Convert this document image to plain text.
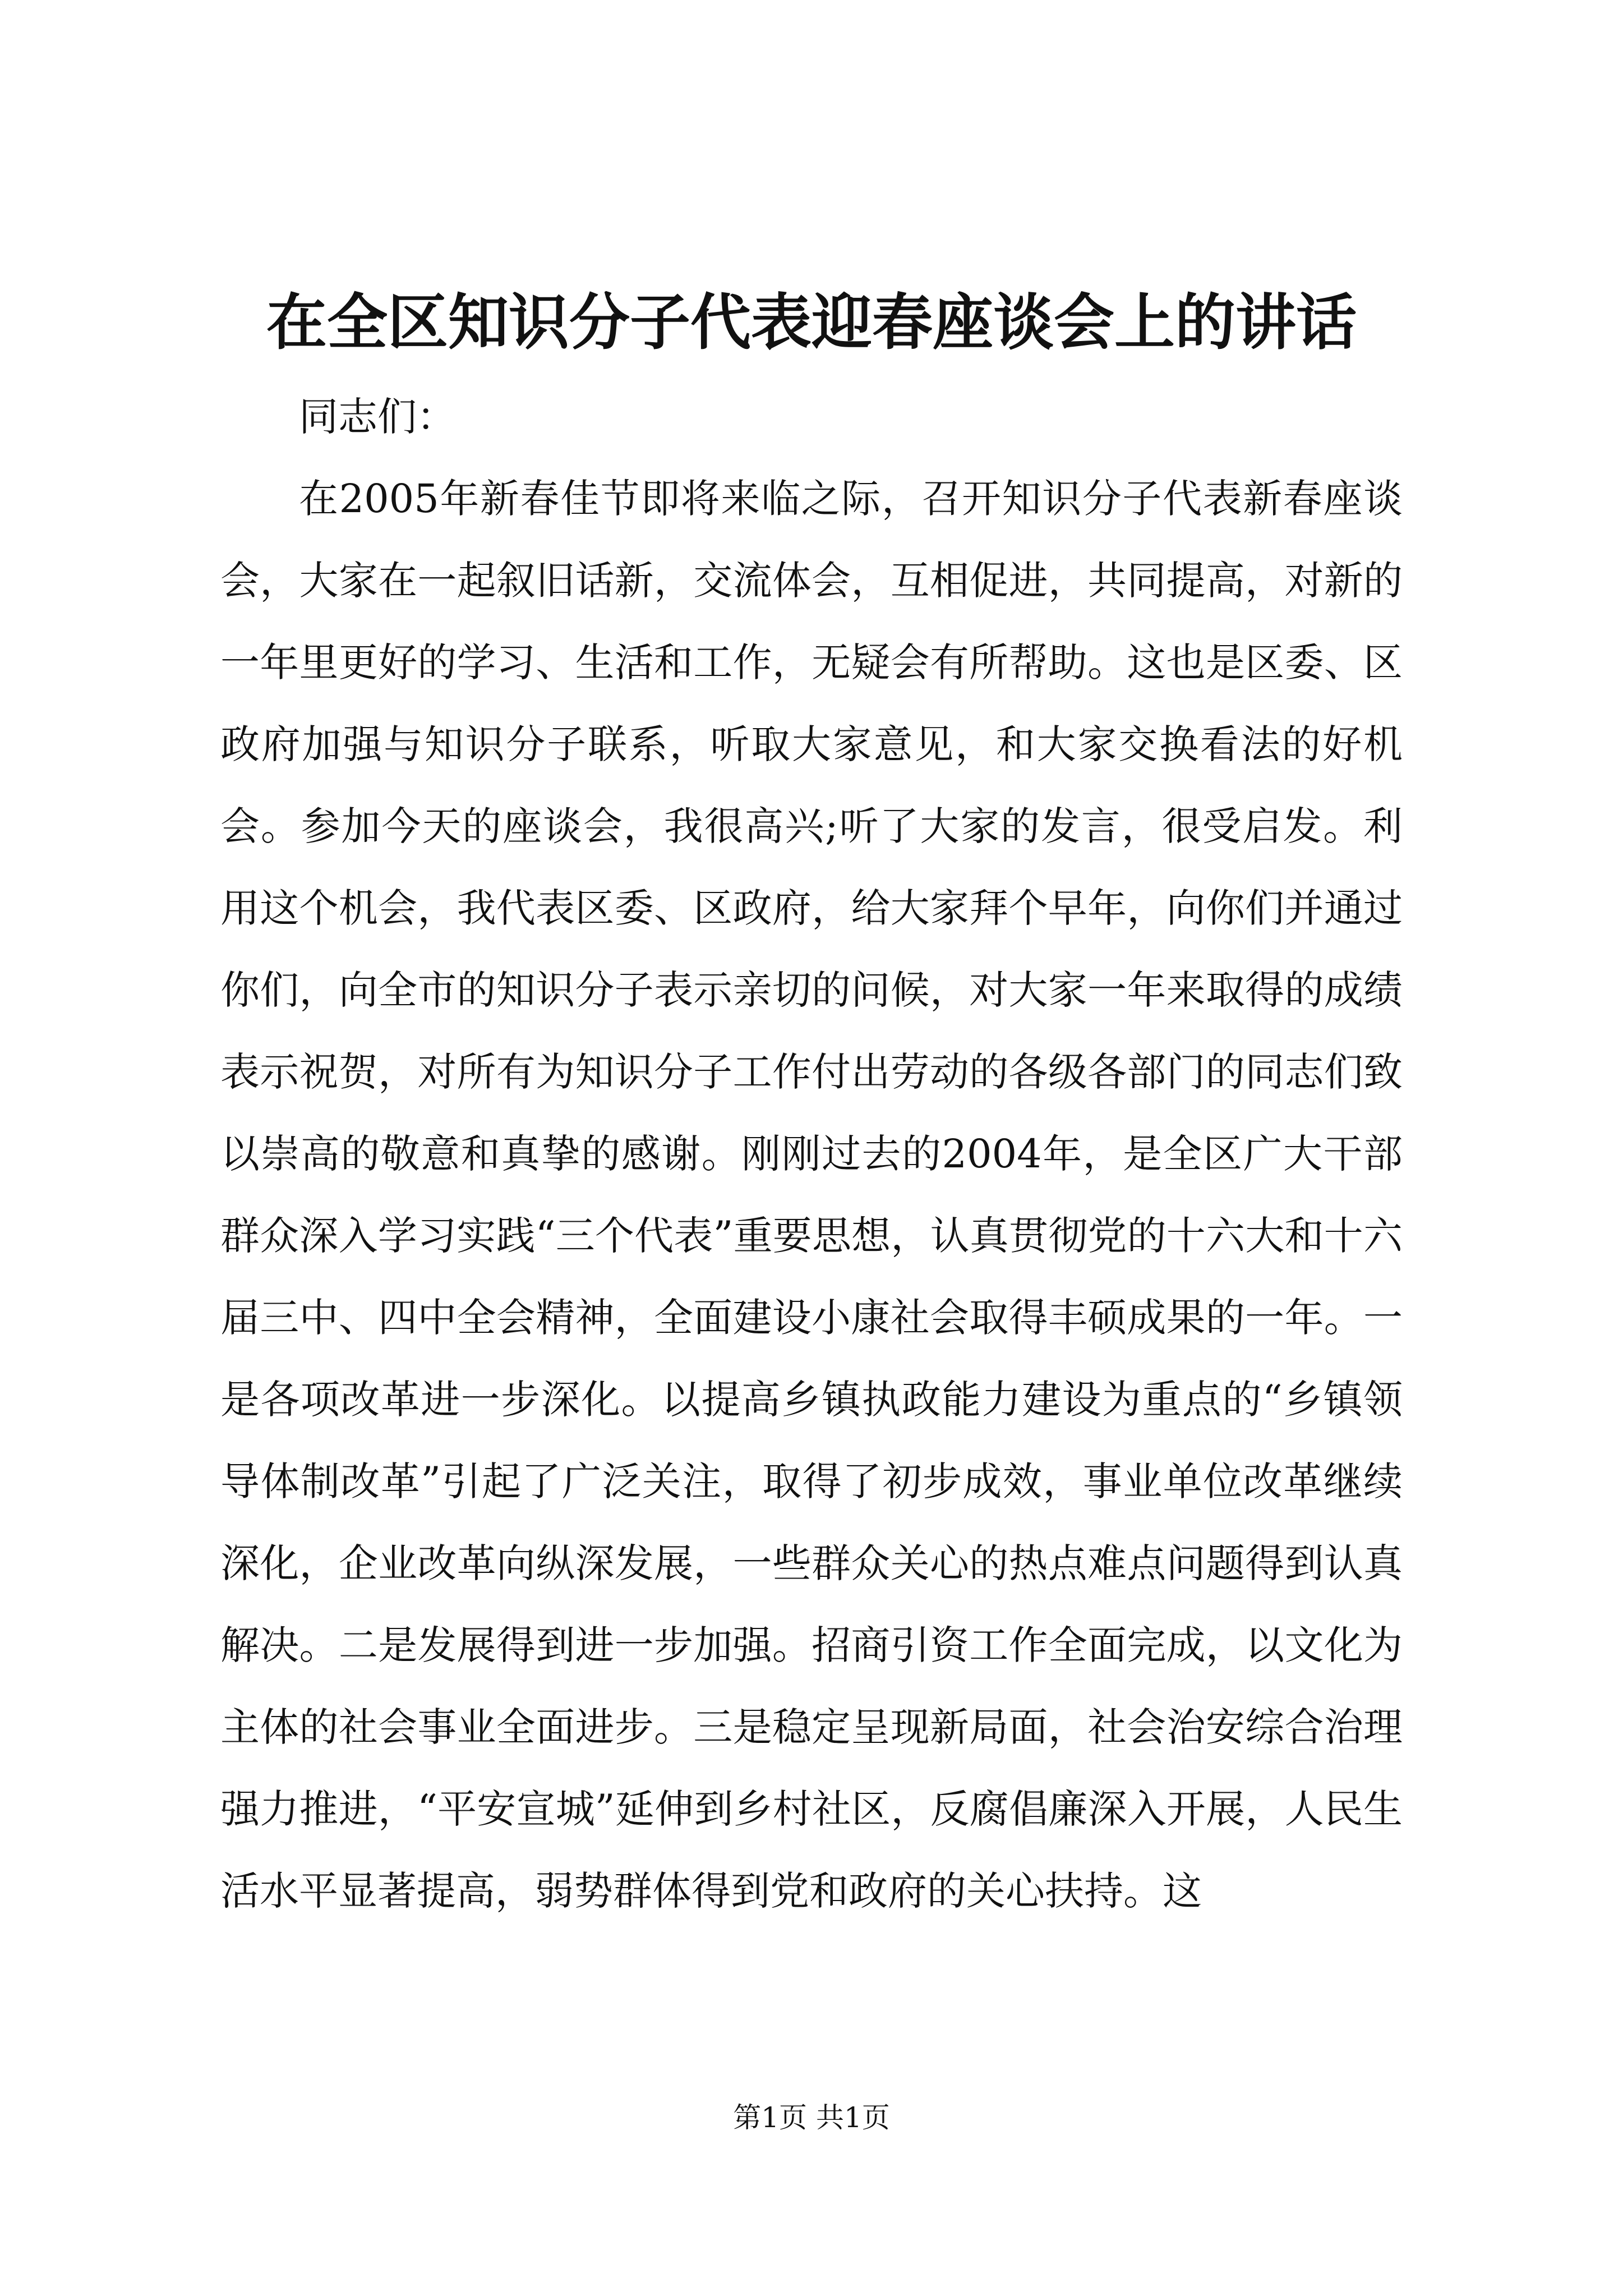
在全区知识分子代表迎春座谈会上的讲话

同志们：

在2005年新春佳节即将来临之际，召开知识分子代表新春座谈会，大家在一起叙旧话新，交流体会，互相促进，共同提高，对新的一年里更好的学习、生活和工作，无疑会有所帮助。这也是区委、区政府加强与知识分子联系，听取大家意见，和大家交换看法的好机会。参加今天的座谈会，我很高兴;听了大家的发言，很受启发。利用这个机会，我代表区委、区政府，给大家拜个早年，向你们并通过你们，向全市的知识分子表示亲切的问候，对大家一年来取得的成绩表示祝贺，对所有为知识分子工作付出劳动的各级各部门的同志们致以崇高的敬意和真挚的感谢。刚刚过去的2004年，是全区广大干部群众深入学习实践“三个代表”重要思想，认真贯彻党的十六大和十六届三中、四中全会精神，全面建设小康社会取得丰硕成果的一年。一是各项改革进一步深化。以提高乡镇执政能力建设为重点的“乡镇领导体制改革”引起了广泛关注，取得了初步成效，事业单位改革继续深化，企业改革向纵深发展，一些群众关心的热点难点问题得到认真解决。二是发展得到进一步加强。招商引资工作全面完成，以文化为主体的社会事业全面进步。三是稳定呈现新局面，社会治安综合治理强力推进，“平安宣城”延伸到乡村社区，反腐倡廉深入开展，人民生活水平显著提高，弱势群体得到党和政府的关心扶持。这

第1页 共1页
